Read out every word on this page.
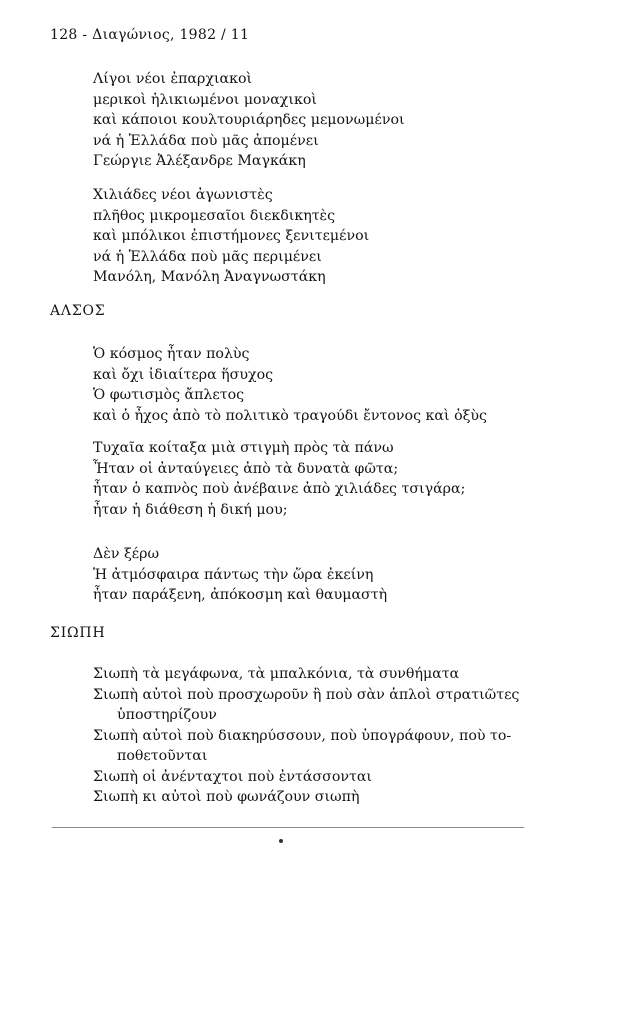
128 - Διαγώνιος, 1982 / 11
Λίγοι νέοι ἐπαρχιακοὶ
μερικοὶ ἡλικιωμένοι μοναχικοὶ
καὶ κάποιοι κουλτουριάρηδες μεμονωμένοι
νά ἡ Ἑλλάδα ποὺ μᾶς ἀπομένει
Γεώργιε Ἀλέξανδρε Μαγκάκη
Χιλιάδες νέοι ἀγωνιστὲς
πλῆθος μικρομεσαῖοι διεκδικητὲς
καὶ μπόλικοι ἐπιστήμονες ξενιτεμένοι
νά ἡ Ἑλλάδα ποὺ μᾶς περιμένει
Μανόλη, Μανόλη Ἀναγνωστάκη
ΑΛΣΟΣ
Ὁ κόσμος ἦταν πολὺς
καὶ ὄχι ἰδιαίτερα ἥσυχος
Ὁ φωτισμὸς ἄπλετος
καὶ ὁ ἦχος ἀπὸ τὸ πολιτικὸ τραγούδι ἔντονος καὶ ὀξὺς
Τυχαῖα κοίταξα μιὰ στιγμὴ πρὸς τὰ πάνω
Ἦταν οἱ ἀνταύγειες ἀπὸ τὰ δυνατὰ φῶτα;
ἦταν ὁ καπνὸς ποὺ ἀνέβαινε ἀπὸ χιλιάδες τσιγάρα;
ἦταν ἡ διάθεση ἡ δική μου;
Δὲν ξέρω
Ἡ ἀτμόσφαιρα πάντως τὴν ὥρα ἐκείνη
ἦταν παράξενη, ἀπόκοσμη καὶ θαυμαστὴ
ΣΙΩΠΗ
Σιωπὴ τὰ μεγάφωνα, τὰ μπαλκόνια, τὰ συνθήματα
Σιωπὴ αὐτοὶ ποὺ προσχωροῦν ἢ ποὺ σὰν ἁπλοὶ στρατιῶτες
ὑποστηρίζουν
Σιωπὴ αὐτοὶ ποὺ διακηρύσσουν, ποὺ ὑπογράφουν, ποὺ το-
ποθετοῦνται
Σιωπὴ οἱ ἀνένταχτοι ποὺ ἐντάσσονται
Σιωπὴ κι αὐτοὶ ποὺ φωνάζουν σιωπὴ
